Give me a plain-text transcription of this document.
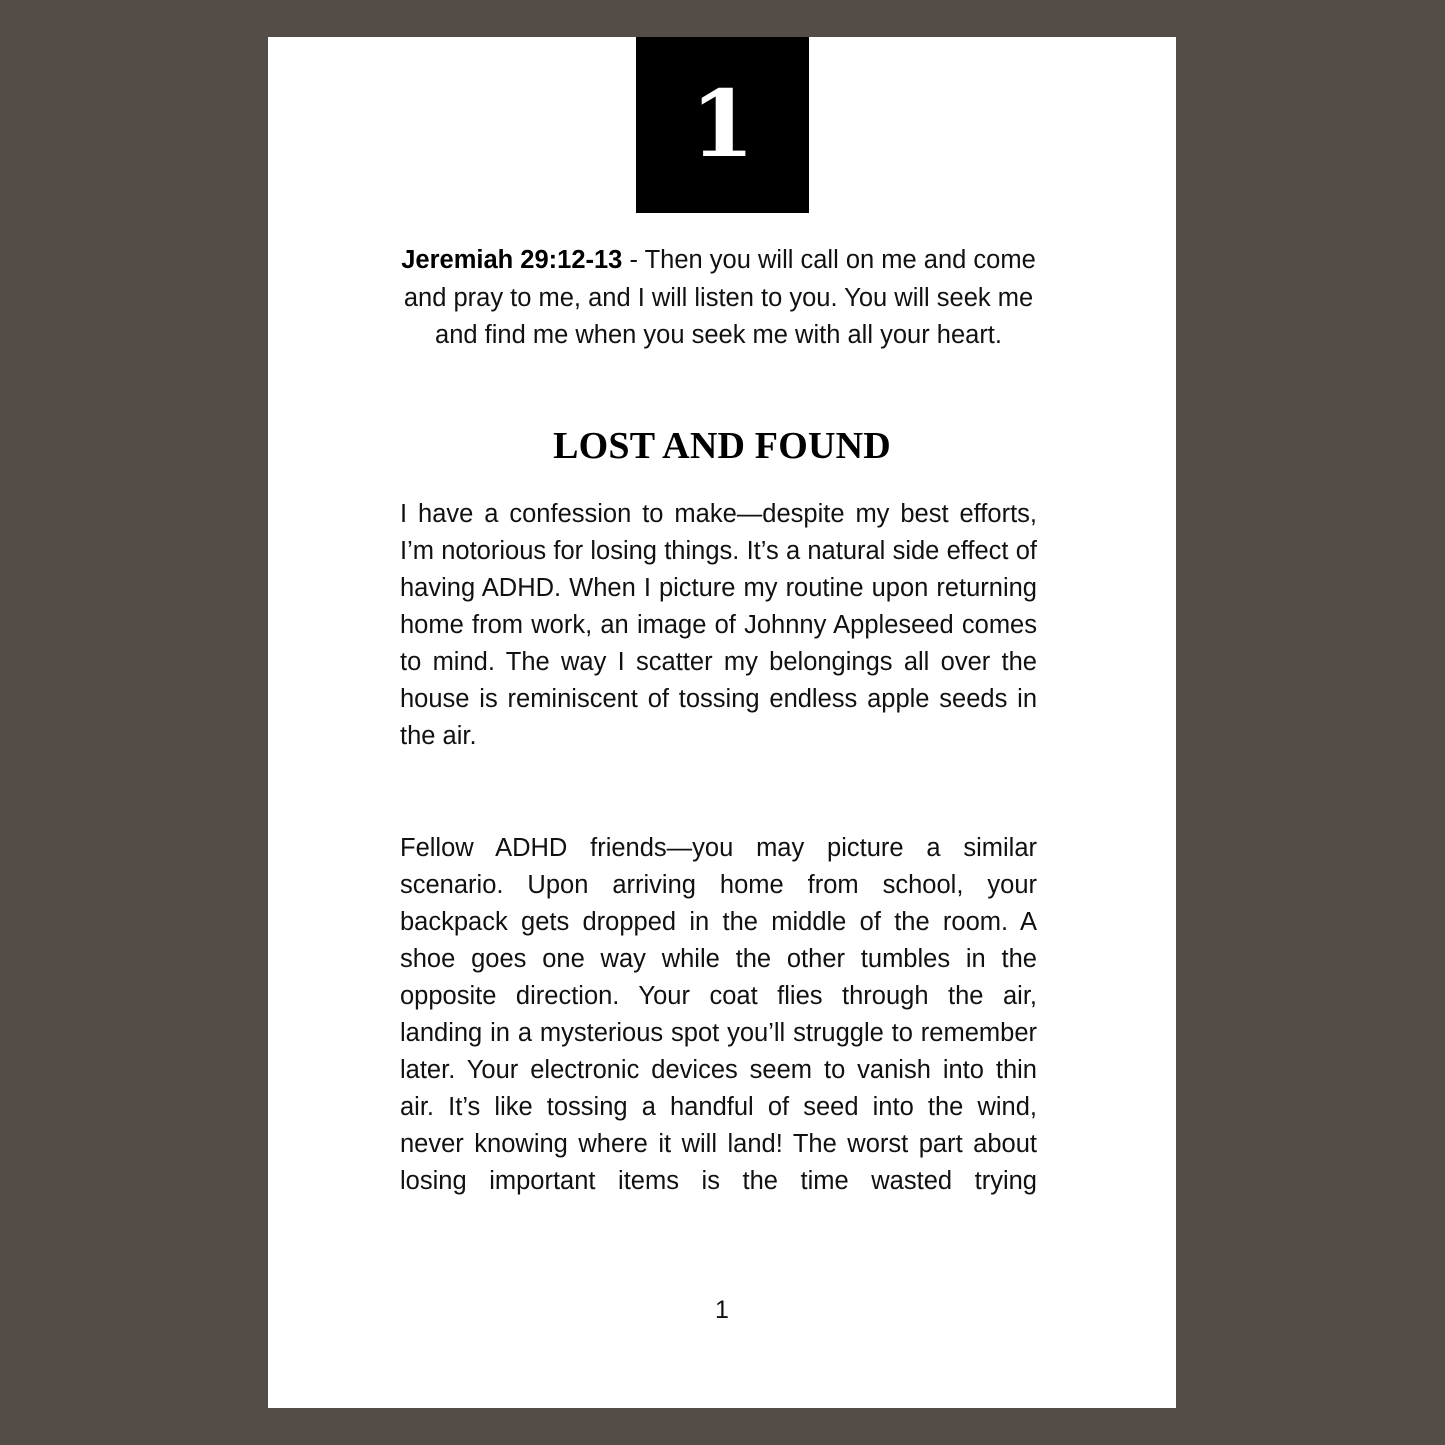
1
Jeremiah 29:12-13 - Then you will call on me and come and pray to me, and I will listen to you. You will seek me and find me when you seek me with all your heart.
LOST AND FOUND

I have a confession to make—despite my best efforts, I’m notorious for losing things. It’s a natural side effect of having ADHD. When I picture my routine upon returning home from work, an image of Johnny Appleseed comes to mind. The way I scatter my belongings all over the house is reminiscent of tossing endless apple seeds in the air.

Fellow ADHD friends—you may picture a similar scenario. Upon arriving home from school, your backpack gets dropped in the middle of the room. A shoe goes one way while the other tumbles in the opposite direction. Your coat flies through the air, landing in a mysterious spot you’ll struggle to remember later. Your electronic devices seem to vanish into thin air. It’s like tossing a handful of seed into the wind, never knowing where it will land! The worst part about losing important items is the time wasted trying

1
